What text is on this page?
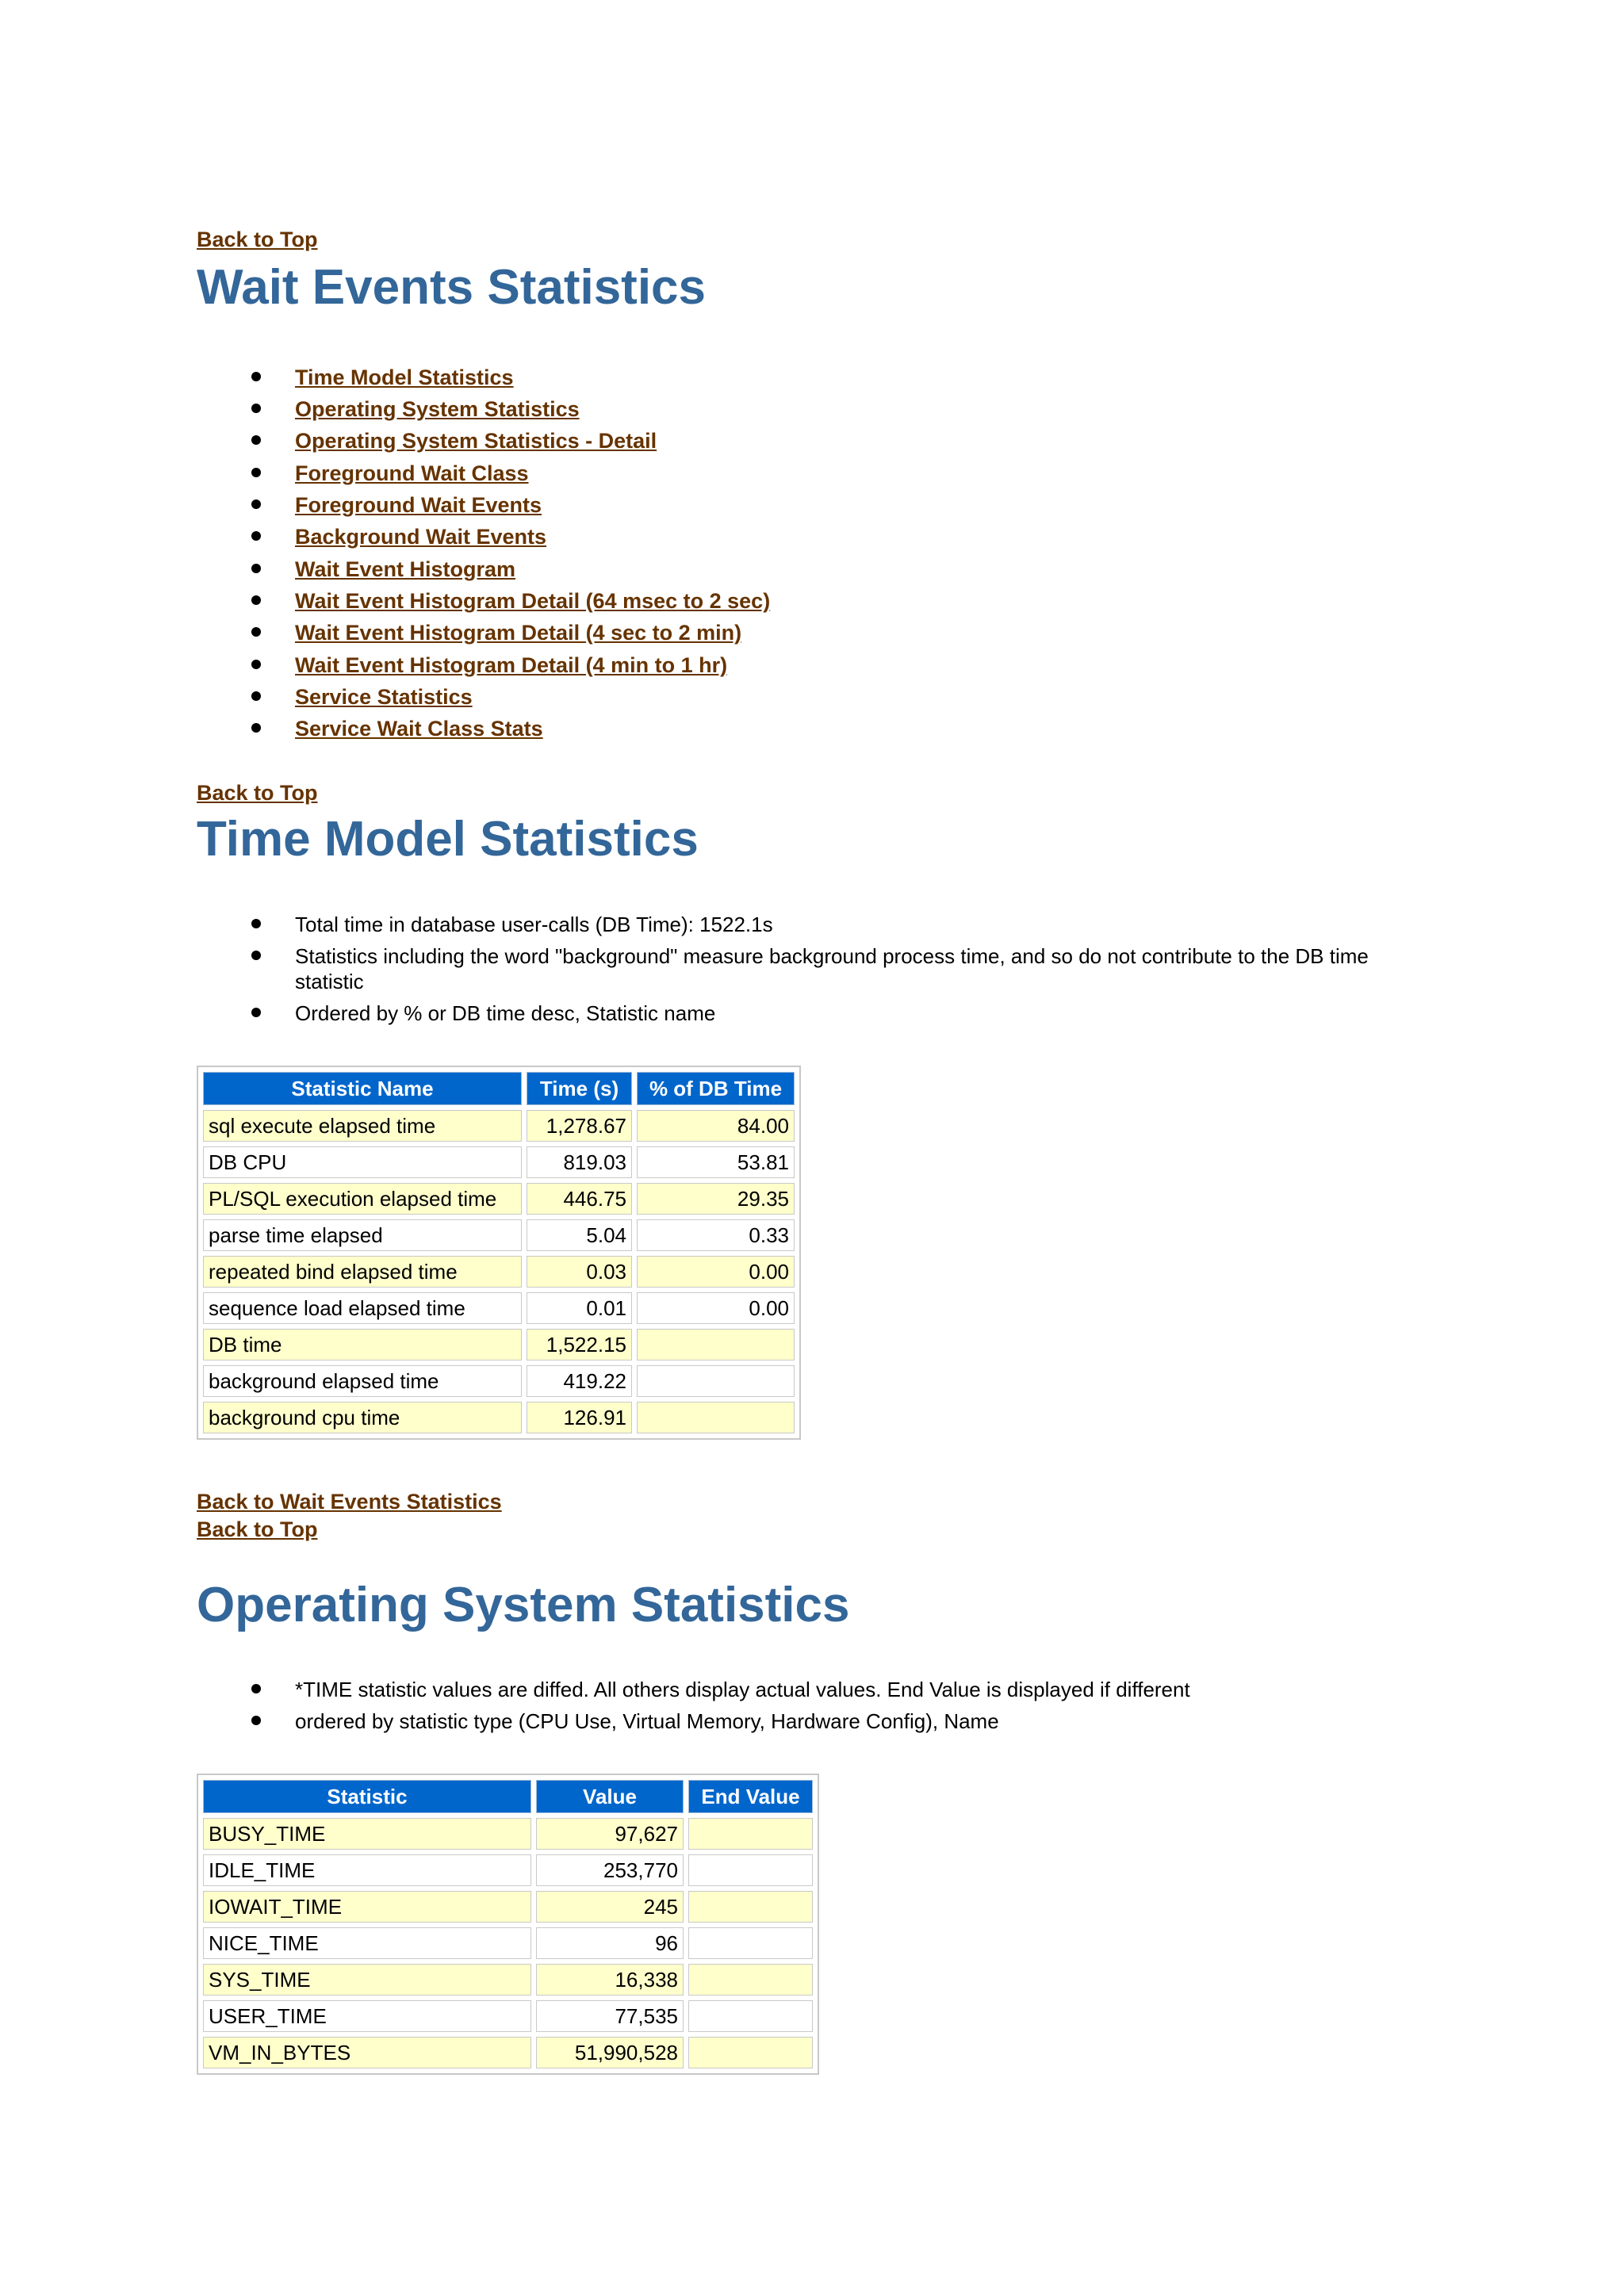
Back to Top
Wait Events Statistics
Time Model Statistics
Operating System Statistics
Operating System Statistics - Detail
Foreground Wait Class
Foreground Wait Events
Background Wait Events
Wait Event Histogram
Wait Event Histogram Detail (64 msec to 2 sec)
Wait Event Histogram Detail (4 sec to 2 min)
Wait Event Histogram Detail (4 min to 1 hr)
Service Statistics
Service Wait Class Stats
Back to Top
Time Model Statistics
Total time in database user-calls (DB Time): 1522.1s
Statistics including the word "background" measure background process time, and so do not contribute to the DB time statistic
Ordered by % or DB time desc, Statistic name
Statistic Name	Time (s)	% of DB Time
sql execute elapsed time	1,278.67	84.00
DB CPU	819.03	53.81
PL/SQL execution elapsed time	446.75	29.35
parse time elapsed	5.04	0.33
repeated bind elapsed time	0.03	0.00
sequence load elapsed time	0.01	0.00
DB time	1,522.15	
background elapsed time	419.22	
background cpu time	126.91	
Back to Wait Events Statistics
Back to Top
Operating System Statistics
*TIME statistic values are diffed. All others display actual values. End Value is displayed if different
ordered by statistic type (CPU Use, Virtual Memory, Hardware Config), Name
Statistic	Value	End Value
BUSY_TIME	97,627	
IDLE_TIME	253,770	
IOWAIT_TIME	245	
NICE_TIME	96	
SYS_TIME	16,338	
USER_TIME	77,535	
VM_IN_BYTES	51,990,528	
